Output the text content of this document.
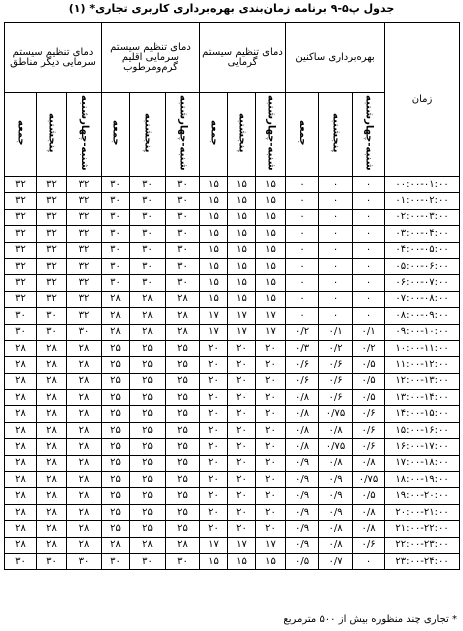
جدول پ۵-۹ برنامه زمان‌بندی بهره‌برداری کاربری تجاری* (۱)
زمان	بهره‌برداری ساکنین			دمای تنظیم سیستم گرمایی			دمای تنظیم سیستم سرمایی اقلیم گرم‌ومرطوب			دمای تنظیم سیستم سرمایی دیگر مناطق		
	شنبه-چهارشنبه	پنجشنبه	جمعه	شنبه-چهارشنبه	پنجشنبه	جمعه	شنبه-چهارشنبه	پنجشنبه	جمعه	شنبه-چهارشنبه	پنجشنبه	جمعه
۰۰:۰۰-۰۱:۰۰	۰	۰	۰	۱۵	۱۵	۱۵	۳۰	۳۰	۳۰	۳۲	۳۲	۳۲
۰۱:۰۰-۰۲:۰۰	۰	۰	۰	۱۵	۱۵	۱۵	۳۰	۳۰	۳۰	۳۲	۳۲	۳۲
۰۲:۰۰-۰۳:۰۰	۰	۰	۰	۱۵	۱۵	۱۵	۳۰	۳۰	۳۰	۳۲	۳۲	۳۲
۰۳:۰۰-۰۴:۰۰	۰	۰	۰	۱۵	۱۵	۱۵	۳۰	۳۰	۳۰	۳۲	۳۲	۳۲
۰۴:۰۰-۰۵:۰۰	۰	۰	۰	۱۵	۱۵	۱۵	۳۰	۳۰	۳۰	۳۲	۳۲	۳۲
۰۵:۰۰-۰۶:۰۰	۰	۰	۰	۱۵	۱۵	۱۵	۳۰	۳۰	۳۰	۳۲	۳۲	۳۲
۰۶:۰۰-۰۷:۰۰	۰	۰	۰	۱۵	۱۵	۱۵	۳۰	۳۰	۳۰	۳۲	۳۲	۳۲
۰۷:۰۰-۰۸:۰۰	۰	۰	۰	۱۵	۱۵	۱۵	۲۸	۲۸	۲۸	۳۲	۳۲	۳۲
۰۸:۰۰-۰۹:۰۰	۰	۰	۰	۱۷	۱۷	۱۷	۲۸	۲۸	۲۸	۳۲	۳۰	۳۰
۰۹:۰۰-۱۰:۰۰	۰/۱	۰/۱	۰/۲	۱۷	۱۷	۱۷	۲۸	۲۸	۲۸	۳۰	۳۰	۳۰
۱۰:۰۰-۱۱:۰۰	۰/۲	۰/۲	۰/۳	۲۰	۲۰	۲۰	۲۵	۲۵	۲۵	۲۸	۲۸	۲۸
۱۱:۰۰-۱۲:۰۰	۰/۵	۰/۶	۰/۶	۲۰	۲۰	۲۰	۲۵	۲۵	۲۵	۲۸	۲۸	۲۸
۱۲:۰۰-۱۳:۰۰	۰/۵	۰/۶	۰/۶	۲۰	۲۰	۲۰	۲۵	۲۵	۲۵	۲۸	۲۸	۲۸
۱۳:۰۰-۱۴:۰۰	۰/۵	۰/۶	۰/۸	۲۰	۲۰	۲۰	۲۵	۲۵	۲۵	۲۸	۲۸	۲۸
۱۴:۰۰-۱۵:۰۰	۰/۶	۰/۷۵	۰/۸	۲۰	۲۰	۲۰	۲۵	۲۵	۲۵	۲۸	۲۸	۲۸
۱۵:۰۰-۱۶:۰۰	۰/۶	۰/۸	۰/۸	۲۰	۲۰	۲۰	۲۵	۲۵	۲۵	۲۸	۲۸	۲۸
۱۶:۰۰-۱۷:۰۰	۰/۶	۰/۷۵	۰/۸	۲۰	۲۰	۲۰	۲۵	۲۵	۲۵	۲۸	۲۸	۲۸
۱۷:۰۰-۱۸:۰۰	۰/۸	۰/۸	۰/۹	۲۰	۲۰	۲۰	۲۵	۲۵	۲۵	۲۸	۲۸	۲۸
۱۸:۰۰-۱۹:۰۰	۰/۷۵	۰/۹	۰/۹	۲۰	۲۰	۲۰	۲۵	۲۵	۲۵	۲۸	۲۸	۲۸
۱۹:۰۰-۲۰:۰۰	۰/۵	۰/۹	۰/۹	۲۰	۲۰	۲۰	۲۵	۲۵	۲۵	۲۸	۲۸	۲۸
۲۰:۰۰-۲۱:۰۰	۰/۸	۰/۹	۰/۹	۲۰	۲۰	۲۰	۲۵	۲۵	۲۵	۲۸	۲۸	۲۸
۲۱:۰۰-۲۲:۰۰	۰/۸	۰/۸	۰/۹	۲۰	۲۰	۲۰	۲۵	۲۵	۲۵	۲۸	۲۸	۲۸
۲۲:۰۰-۲۳:۰۰	۰/۶	۰/۸	۰/۹	۱۷	۱۷	۱۷	۲۸	۲۸	۲۸	۲۸	۲۸	۲۸
۲۳:۰۰-۲۴:۰۰	۰	۰/۷	۰/۵	۱۵	۱۵	۱۵	۳۰	۳۰	۳۰	۳۰	۳۰	۳۰
* تجاری چند منظوره بیش از ۵۰۰ مترمربع
